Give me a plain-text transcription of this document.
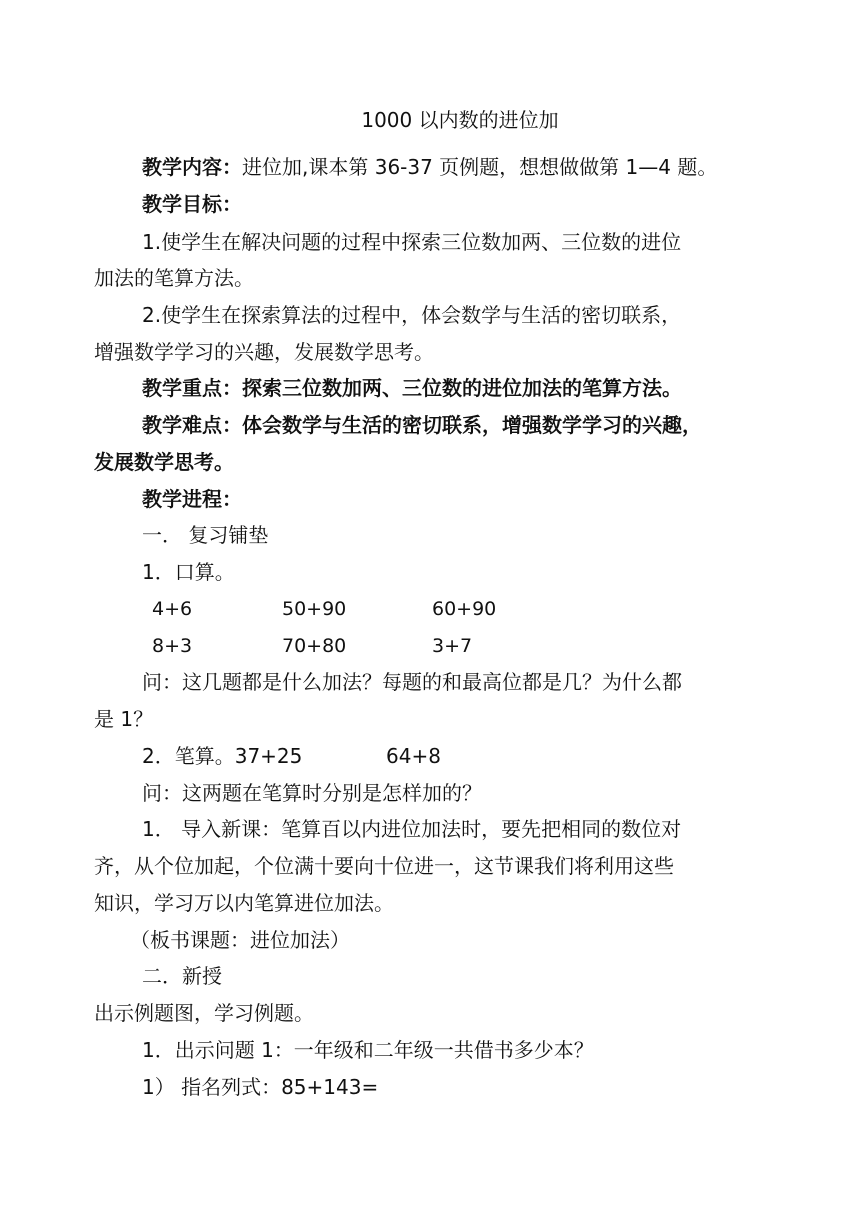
1000 以内数的进位加
教学内容：进位加,课本第 36-37 页例题，想想做做第 1—4 题。
教学目标：
1.使学生在解决问题的过程中探索三位数加两、三位数的进位
加法的笔算方法。
2.使学生在探索算法的过程中，体会数学与生活的密切联系，
增强数学学习的兴趣，发展数学思考。
教学重点：探索三位数加两、三位数的进位加法的笔算方法。
教学难点：体会数学与生活的密切联系，增强数学学习的兴趣，
发展数学思考。
教学进程：
一． 复习铺垫
1．口算。
4+6	50+90	60+90
8+3	70+80	3+7
问：这几题都是什么加法？每题的和最高位都是几？为什么都
是 1？
2．笔算。37+25	64+8
问：这两题在笔算时分别是怎样加的？
1． 导入新课：笔算百以内进位加法时，要先把相同的数位对
齐，从个位加起，个位满十要向十位进一，这节课我们将利用这些
知识，学习万以内笔算进位加法。
（板书课题：进位加法）
二．新授
出示例题图，学习例题。
1．出示问题 1：一年级和二年级一共借书多少本？
1） 指名列式：85+143=
